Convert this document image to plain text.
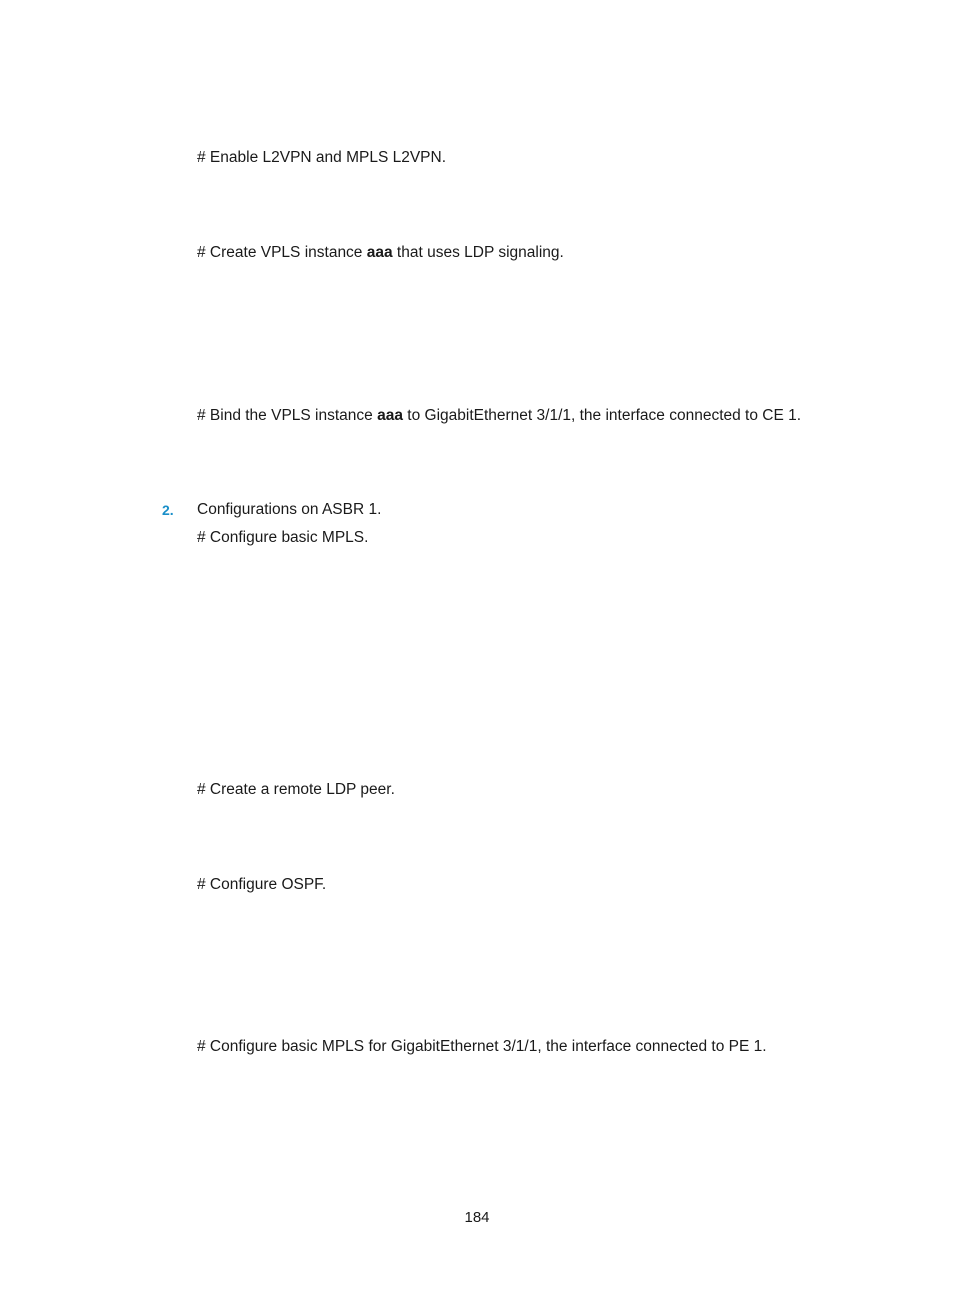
# Enable L2VPN and MPLS L2VPN.
# Create VPLS instance aaa that uses LDP signaling.
# Bind the VPLS instance aaa to GigabitEthernet 3/1/1, the interface connected to CE 1.
2. Configurations on ASBR 1.
# Configure basic MPLS.
# Create a remote LDP peer.
# Configure OSPF.
# Configure basic MPLS for GigabitEthernet 3/1/1, the interface connected to PE 1.
184
